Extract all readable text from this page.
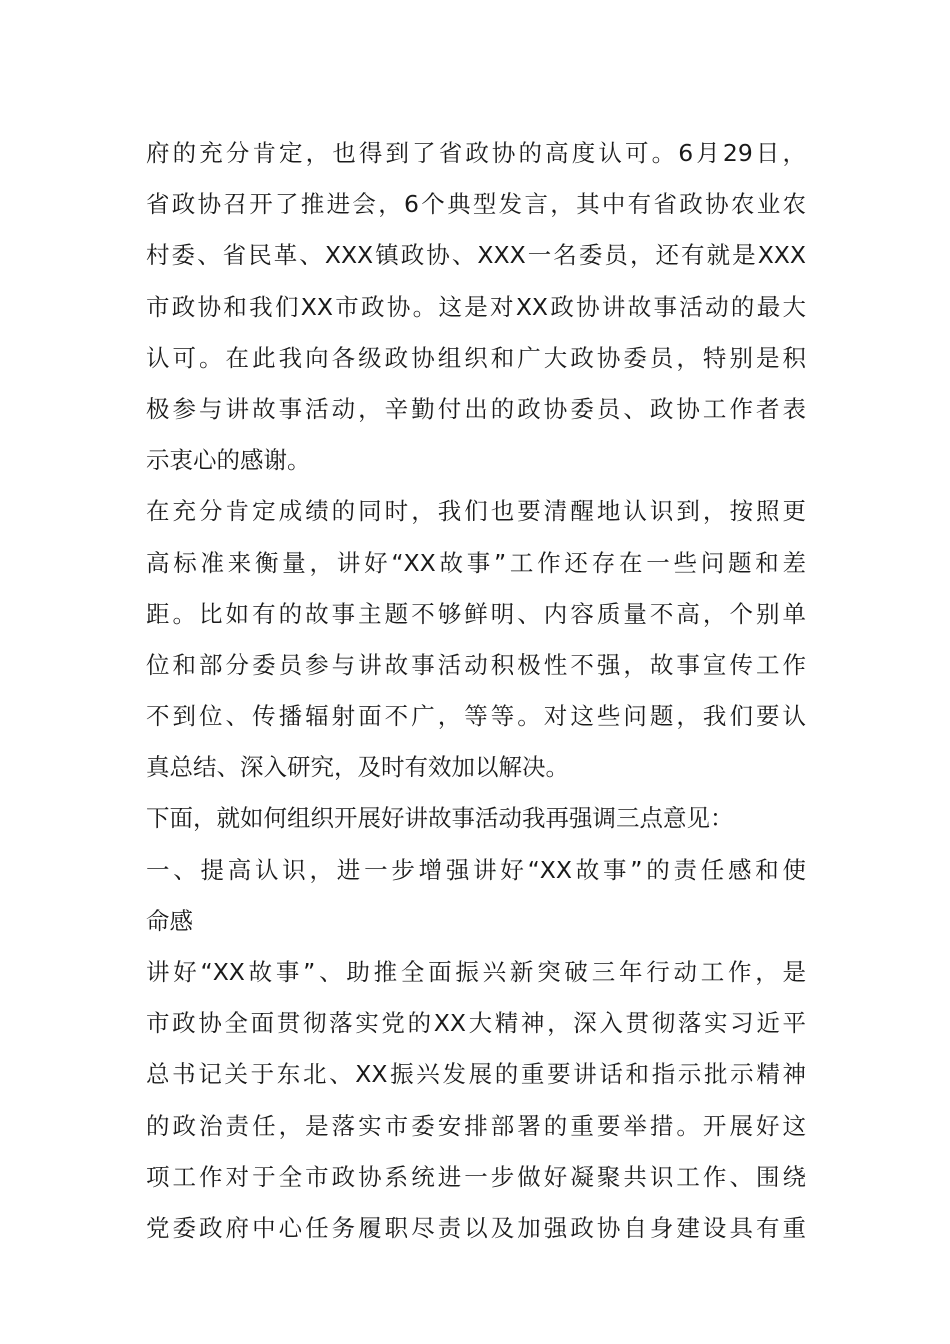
府的充分肯定，也得到了省政协的高度认可。6月29日，
省政协召开了推进会，6个典型发言，其中有省政协农业农
村委、省民革、XXX镇政协、XXX一名委员，还有就是XXX
市政协和我们XX市政协。这是对XX政协讲故事活动的最大
认可。在此我向各级政协组织和广大政协委员，特别是积
极参与讲故事活动，辛勤付出的政协委员、政协工作者表
示衷心的感谢。
在充分肯定成绩的同时，我们也要清醒地认识到，按照更
高标准来衡量，讲好“XX故事”工作还存在一些问题和差
距。比如有的故事主题不够鲜明、内容质量不高，个别单
位和部分委员参与讲故事活动积极性不强，故事宣传工作
不到位、传播辐射面不广，等等。对这些问题，我们要认
真总结、深入研究，及时有效加以解决。
下面，就如何组织开展好讲故事活动我再强调三点意见：
一、提高认识，进一步增强讲好“XX故事”的责任感和使
命感
讲好“XX故事”、助推全面振兴新突破三年行动工作，是
市政协全面贯彻落实党的XX大精神，深入贯彻落实习近平
总书记关于东北、XX振兴发展的重要讲话和指示批示精神
的政治责任，是落实市委安排部署的重要举措。开展好这
项工作对于全市政协系统进一步做好凝聚共识工作、围绕
党委政府中心任务履职尽责以及加强政协自身建设具有重
